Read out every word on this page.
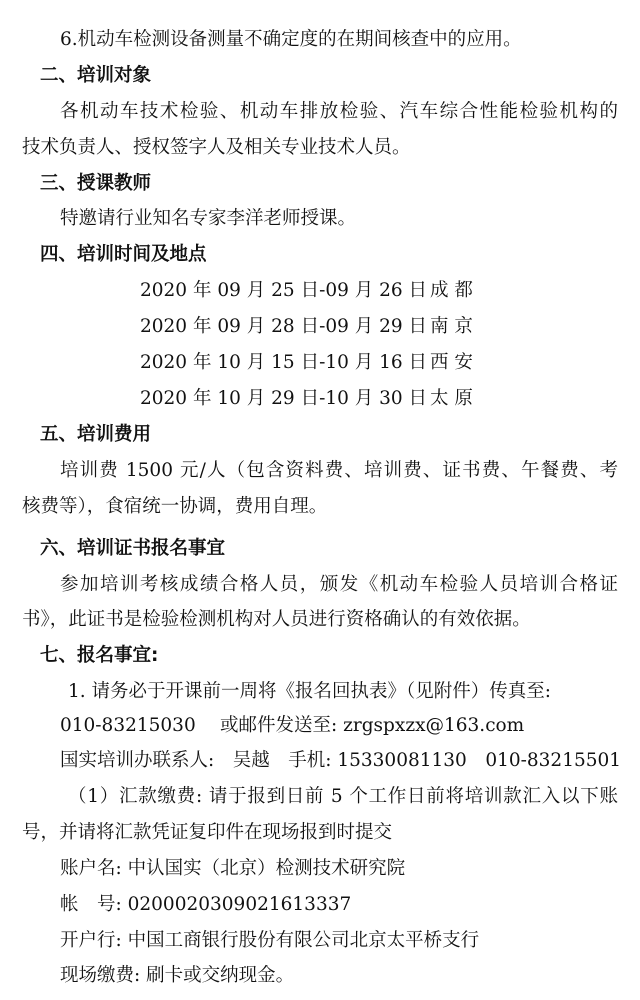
6.机动车检测设备测量不确定度的在期间核查中的应用。
二、培训对象
各机动车技术检验、机动车排放检验、汽车综合性能检验机构的
技术负责人、授权签字人及相关专业技术人员。
三、授课教师
特邀请行业知名专家李洋老师授课。
四、培训时间及地点
2020 年 09 月 25 日-09 月 26 日 成 都
2020 年 09 月 28 日-09 月 29 日 南 京
2020 年 10 月 15 日-10 月 16 日 西 安
2020 年 10 月 29 日-10 月 30 日 太 原
五、培训费用
培训费 1500 元/人（包含资料费、培训费、证书费、午餐费、考
核费等），食宿统一协调，费用自理。
六、培训证书报名事宜
参加培训考核成绩合格人员，颁发《机动车检验人员培训合格证
书》，此证书是检验检测机构对人员进行资格确认的有效依据。
七、报名事宜:
1. 请务必于开课前一周将《报名回执表》（见附件）传真至:
010-83215030 或邮件发送至: zrgspxzx@163.com
国实培训办联系人:　吴越　手机: 15330081130　010-83215501
（1）汇款缴费: 请于报到日前 5 个工作日前将培训款汇入以下账
号，并请将汇款凭证复印件在现场报到时提交
账户名: 中认国实（北京）检测技术研究院
帐　号: 0200020309021613337
开户行: 中国工商银行股份有限公司北京太平桥支行
现场缴费: 刷卡或交纳现金。
